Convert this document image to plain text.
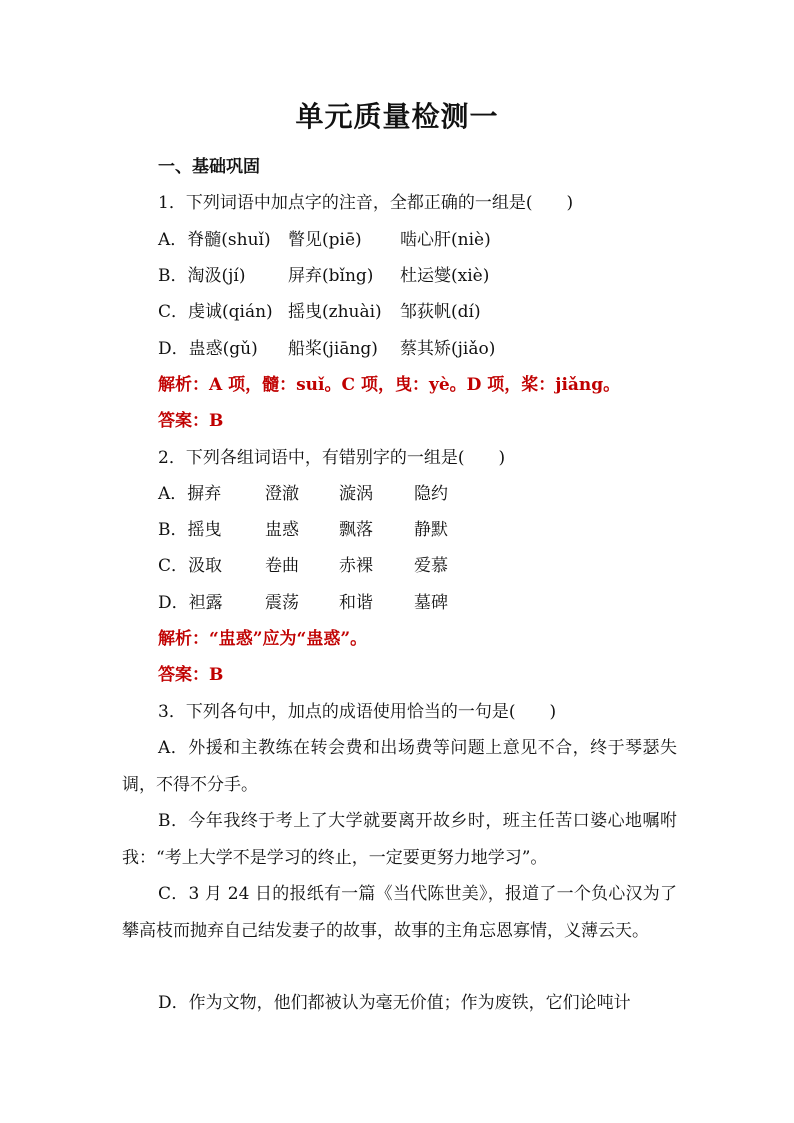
单元质量检测一
一、基础巩固
1．下列词语中加点字的注音，全都正确的一组是(　　)
A．脊髓(shuǐ) 瞥见(piē) 啮心肝(niè)
B．淘汲(jí)	屏弃(bǐng) 杜运燮(xiè)
C．虔诚(qián) 摇曳(zhuài) 邹荻帆(dí)
D．蛊惑(gǔ) 船桨(jiāng) 蔡其矫(jiǎo)
解析：A 项，髓：suǐ。C 项，曳：yè。D 项，桨：jiǎng。
答案：B
2．下列各组词语中，有错别字的一组是(　　)
A．摒弃	澄澈 漩涡 隐约
B．摇曳	盅惑 飘落 静默
C．汲取	卷曲 赤裸 爱慕
D．袒露 震荡 和谐 墓碑
解析：“盅惑”应为“蛊惑”。
答案：B
3．下列各句中，加点的成语使用恰当的一句是(　　)
A．外援和主教练在转会费和出场费等问题上意见不合，终于琴瑟失调，不得不分手。
B．今年我终于考上了大学就要离开故乡时，班主任苦口婆心地嘱咐我：“考上大学不是学习的终止，一定要更努力地学习”。
C．3 月 24 日的报纸有一篇《当代陈世美》，报道了一个负心汉为了攀高枝而抛弃自己结发妻子的故事，故事的主角忘恩寡情，义薄云天。
D．作为文物，他们都被认为毫无价值；作为废铁，它们论吨计
